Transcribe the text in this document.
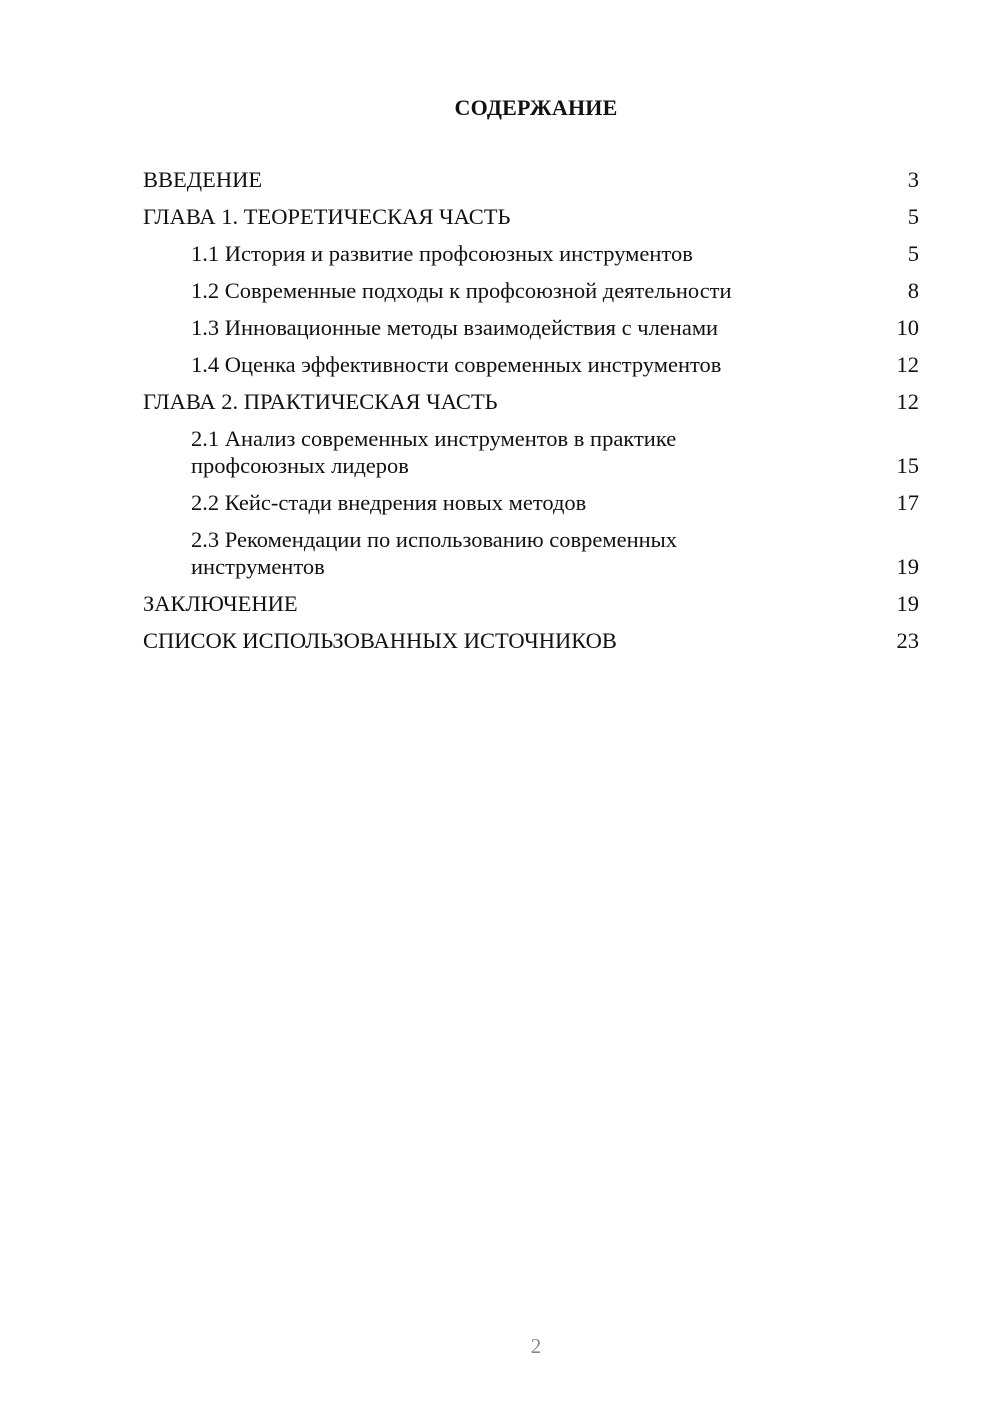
СОДЕРЖАНИЕ
ВВЕДЕНИЕ	3
ГЛАВА 1. ТЕОРЕТИЧЕСКАЯ ЧАСТЬ	5
1.1 История и развитие профсоюзных инструментов	5
1.2 Современные подходы к профсоюзной деятельности	8
1.3 Инновационные методы взаимодействия с членами	10
1.4 Оценка эффективности современных инструментов	12
ГЛАВА 2. ПРАКТИЧЕСКАЯ ЧАСТЬ	12
2.1 Анализ современных инструментов в практике профсоюзных лидеров	15
2.2 Кейс-стади внедрения новых методов	17
2.3 Рекомендации по использованию современных инструментов	19
ЗАКЛЮЧЕНИЕ	19
СПИСОК ИСПОЛЬЗОВАННЫХ ИСТОЧНИКОВ	23
2
